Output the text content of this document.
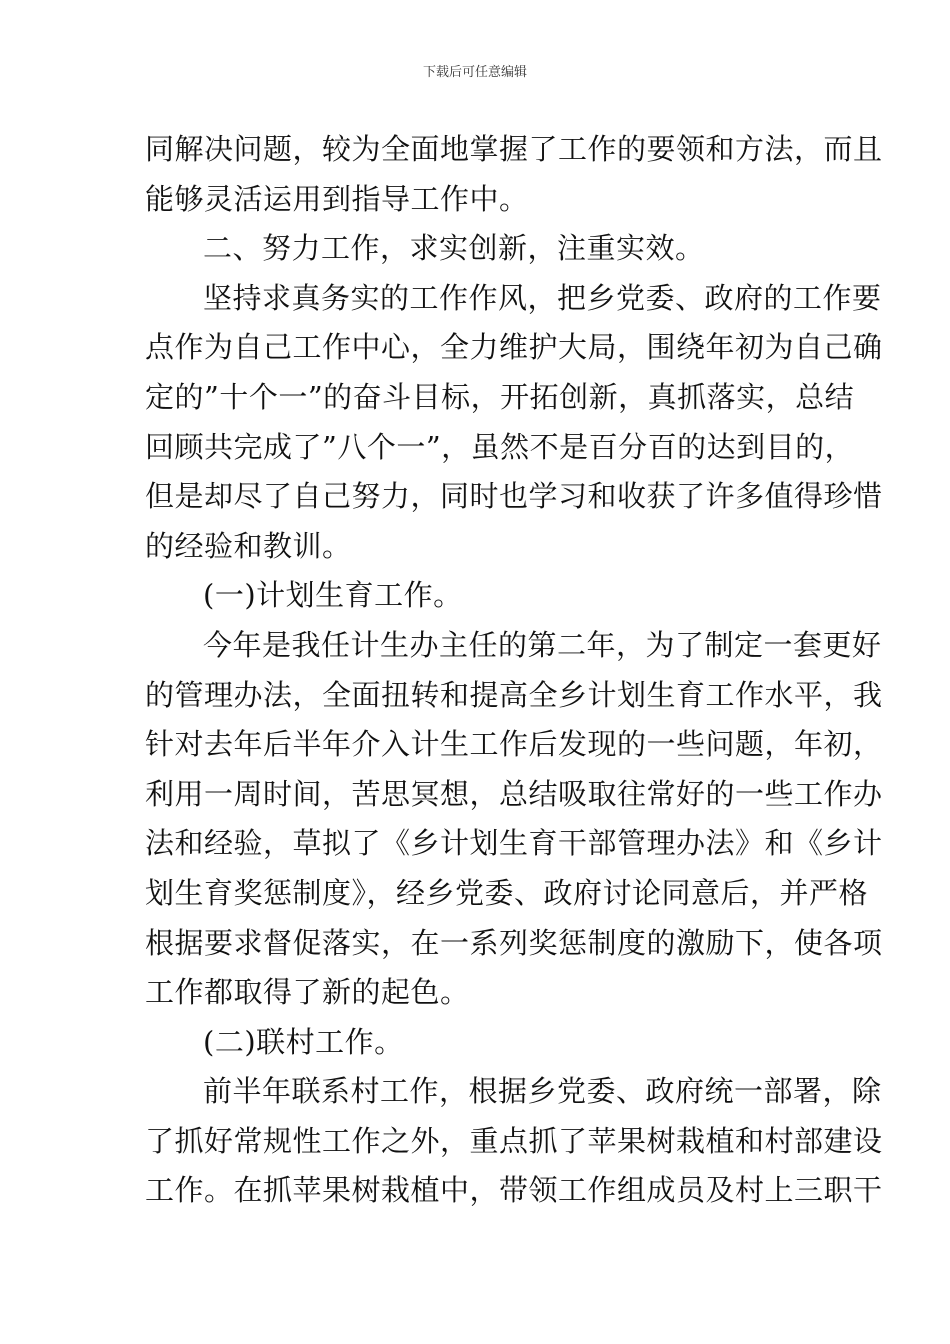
下载后可任意编辑
同解决问题，较为全面地掌握了工作的要领和方法，而且
能够灵活运用到指导工作中。
二、努力工作，求实创新，注重实效。
坚持求真务实的工作作风，把乡党委、政府的工作要
点作为自己工作中心，全力维护大局，围绕年初为自己确
定的”十个一”的奋斗目标，开拓创新，真抓落实，总结
回顾共完成了”八个一”，虽然不是百分百的达到目的，
但是却尽了自己努力，同时也学习和收获了许多值得珍惜
的经验和教训。
(一)计划生育工作。
今年是我任计生办主任的第二年，为了制定一套更好
的管理办法，全面扭转和提高全乡计划生育工作水平，我
针对去年后半年介入计生工作后发现的一些问题，年初，
利用一周时间，苦思冥想，总结吸取往常好的一些工作办
法和经验，草拟了《乡计划生育干部管理办法》和《乡计
划生育奖惩制度》，经乡党委、政府讨论同意后，并严格
根据要求督促落实，在一系列奖惩制度的激励下，使各项
工作都取得了新的起色。
(二)联村工作。
前半年联系村工作，根据乡党委、政府统一部署，除
了抓好常规性工作之外，重点抓了苹果树栽植和村部建设
工作。在抓苹果树栽植中，带领工作组成员及村上三职干
